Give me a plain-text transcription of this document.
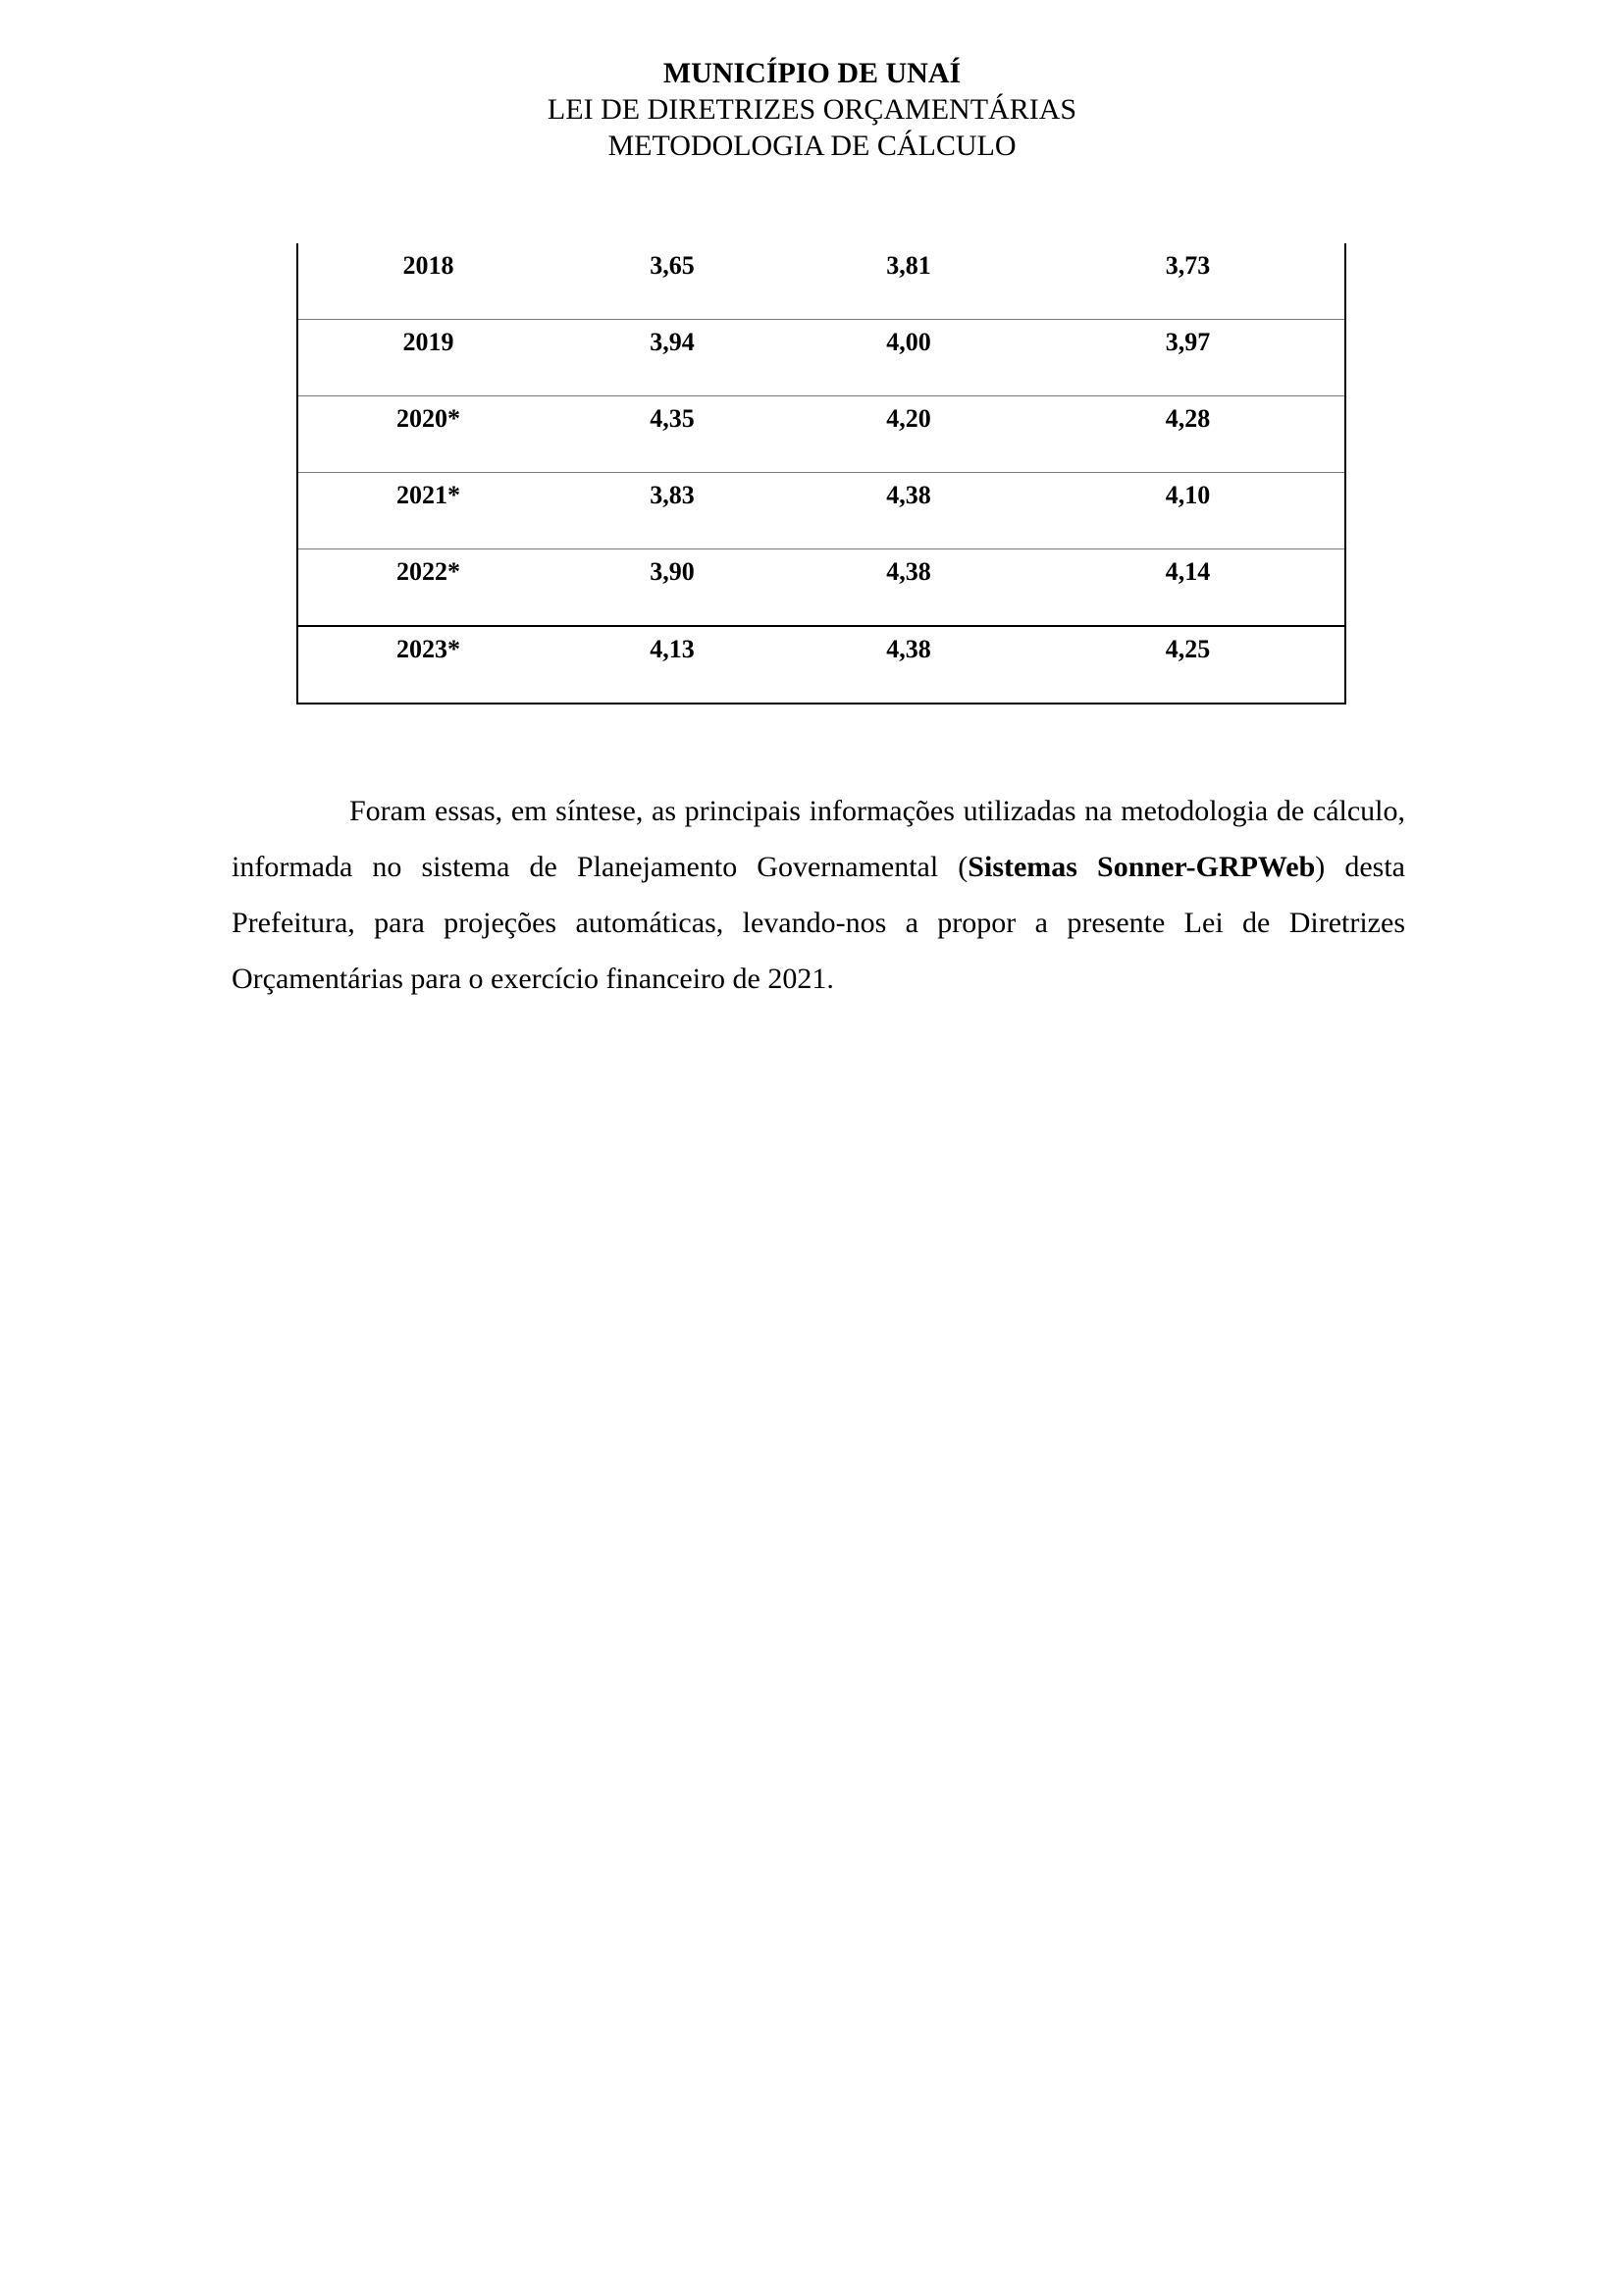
MUNICÍPIO DE UNAÍ
LEI DE DIRETRIZES ORÇAMENTÁRIAS
METODOLOGIA DE CÁLCULO
2018	3,65	3,81	3,73

2019	3,94	4,00	3,97

2020*	4,35	4,20	4,28

2021*	3,83	4,38	4,10

2022*	3,90	4,38	4,14

2023*	4,13	4,38	4,25

Foram essas, em síntese, as principais informações utilizadas na metodologia de cálculo, informada no sistema de Planejamento Governamental (Sistemas Sonner-GRPWeb) desta Prefeitura, para projeções automáticas, levando-nos a propor a presente Lei de Diretrizes Orçamentárias para o exercício financeiro de 2021.
